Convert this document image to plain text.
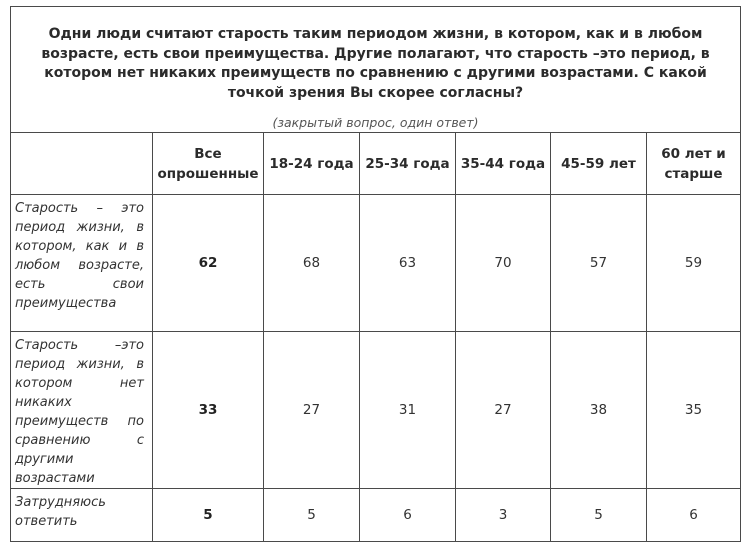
Одни люди считают старость таким периодом жизни, в котором, как и в любом возрасте, есть свои преимущества. Другие полагают, что старость –это период, в котором нет никаких преимуществ по сравнению с другими возрастами. С какой точкой зрения Вы скорее согласны?
(закрытый вопрос, один ответ)						

	Все опрошенные	18-24 года	25-34 года	35-44 года	45-59 лет	60 лет и старше
Старость – это период жизни, в котором, как и в любом возрасте, есть свои преимущества	62	68	63	70	57	59
Старость –это период жизни, в котором нет никаких преимуществ по сравнению с другими возрастами	33	27	31	27	38	35
Затрудняюсь ответить	5	5	6	3	5	6
